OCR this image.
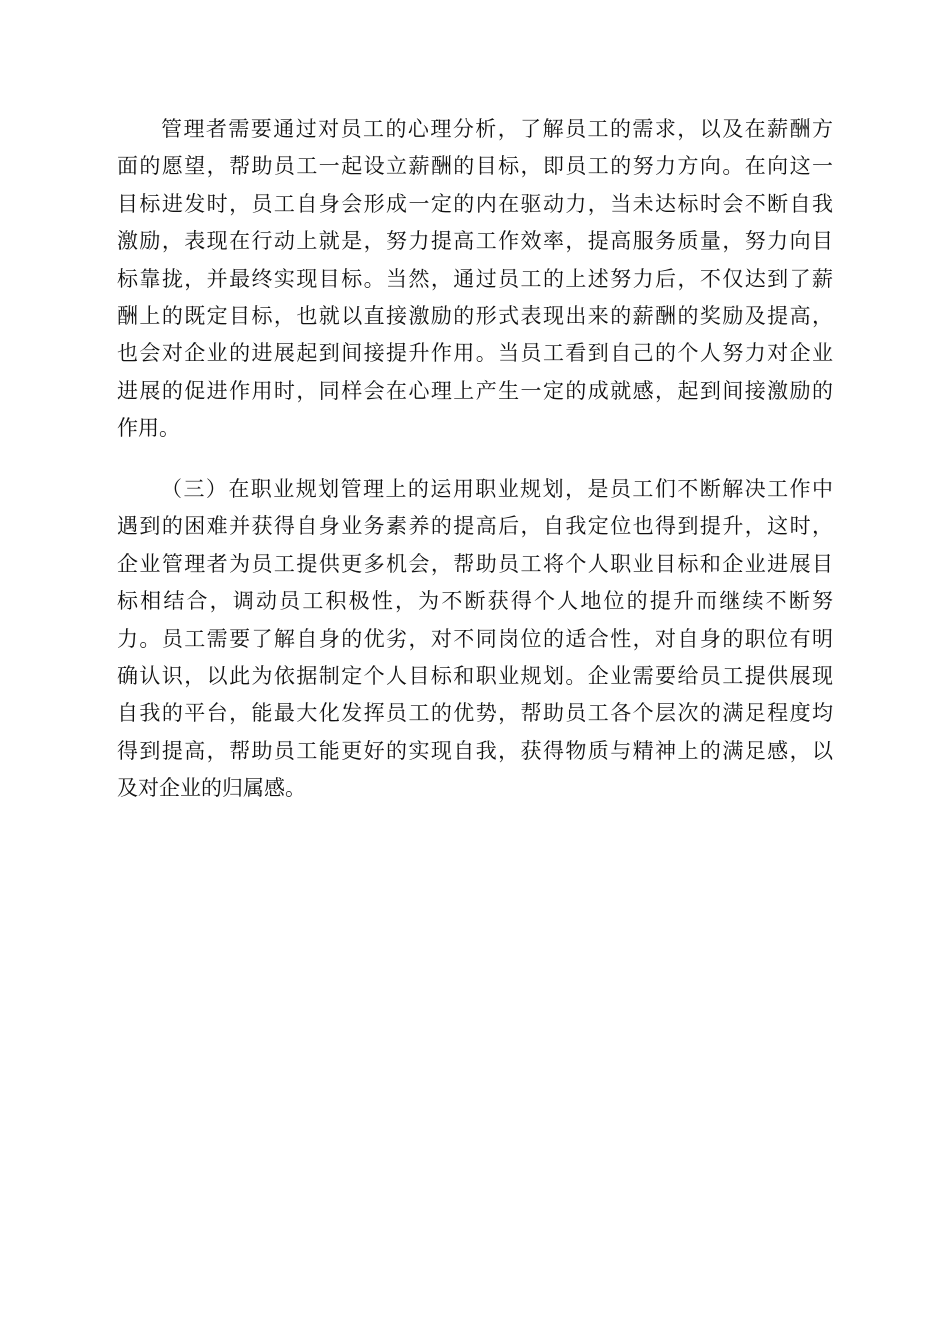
管理者需要通过对员工的心理分析，了解员工的需求，以及在薪酬方
面的愿望，帮助员工一起设立薪酬的目标，即员工的努力方向。在向这一
目标进发时，员工自身会形成一定的内在驱动力，当未达标时会不断自我
激励，表现在行动上就是，努力提高工作效率，提高服务质量，努力向目
标靠拢，并最终实现目标。当然，通过员工的上述努力后，不仅达到了薪
酬上的既定目标，也就以直接激励的形式表现出来的薪酬的奖励及提高，
也会对企业的进展起到间接提升作用。当员工看到自己的个人努力对企业
进展的促进作用时，同样会在心理上产生一定的成就感，起到间接激励的
作用。
（三）在职业规划管理上的运用职业规划，是员工们不断解决工作中
遇到的困难并获得自身业务素养的提高后，自我定位也得到提升，这时，
企业管理者为员工提供更多机会，帮助员工将个人职业目标和企业进展目
标相结合，调动员工积极性，为不断获得个人地位的提升而继续不断努
力。员工需要了解自身的优劣，对不同岗位的适合性，对自身的职位有明
确认识，以此为依据制定个人目标和职业规划。企业需要给员工提供展现
自我的平台，能最大化发挥员工的优势，帮助员工各个层次的满足程度均
得到提高，帮助员工能更好的实现自我，获得物质与精神上的满足感，以
及对企业的归属感。
